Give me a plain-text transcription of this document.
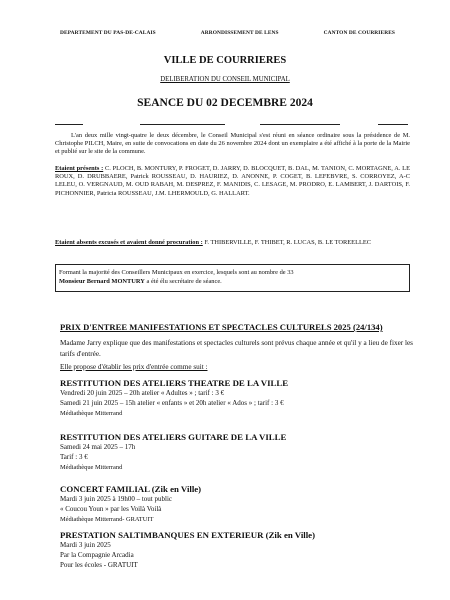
DEPARTEMENT DU PAS-DE-CALAIS	ARRONDISSEMENT DE LENS	CANTON DE COURRIERES
VILLE DE COURRIERES
DELIBERATION DU CONSEIL MUNICIPAL
SEANCE DU 02 DECEMBRE 2024

L'an deux mille vingt-quatre le deux décembre, le Conseil Municipal s'est réuni en séance ordinaire sous la présidence de M. Christophe PILCH, Maire, en suite de convocations en date du 26 novembre 2024 dont un exemplaire a été affiché à la porte de la Mairie et publié sur le site de la commune.

Etaient présents : C. PLOCH, B. MONTURY, P. FROGET, D. JARRY, D. BLOCQUET, B. DAL, M. TANION, C. MORTAGNE, A. LE ROUX, D. DRUBBAERE, Patrick ROUSSEAU, D. HAURIEZ, D. ANONNE, P. COGET, B. LEFEBVRE, S. CORROYEZ, A-C LELEU, O. VERGNAUD, M. OUD RABAH, M. DESPREZ, F. MANIDIS, C. LESAGE, M. PRODRO, E. LAMBERT, J. DARTOIS, F. PICHONNIER, Patricia ROUSSEAU, J.M. LHERMOULD, G. HALLART.

Etaient absents excusés et avaient donné procuration : F. THIBERVILLE, F. THIBET, R. LUCAS, B. LE TOREELLEC

Formant la majorité des Conseillers Municipaux en exercice, lesquels sont au nombre de 33
Monsieur Bernard MONTURY a été élu secrétaire de séance.
PRIX D'ENTREE MANIFESTATIONS ET SPECTACLES CULTURELS 2025 (24/134)

Madame Jarry explique que des manifestations et spectacles culturels sont prévus chaque année et qu'il y a lieu de fixer les tarifs d'entrée.

Elle propose d'établir les prix d'entrée comme suit :

RESTITUTION DES ATELIERS THEATRE DE LA VILLE
Vendredi 20 juin 2025 – 20h atelier « Adultes » ; tarif : 3 €
Samedi 21 juin 2025 – 15h atelier « enfants » et 20h atelier « Ados » ; tarif : 3 €
Médiathèque Mitterrand
RESTITUTION DES ATELIERS GUITARE DE LA VILLE
Samedi 24 mai 2025 – 17h
Tarif : 3 €
Médiathèque Mitterrand
CONCERT FAMILIAL (Zik en Ville)
Mardi 3 juin 2025 à 19h00 – tout public
« Coucou Youn » par les Voilà Voilà
Médiathèque Mitterrand- GRATUIT
PRESTATION SALTIMBANQUES EN EXTERIEUR (Zik en Ville)
Mardi 3 juin 2025
Par la Compagnie Arcadia
Pour les écoles - GRATUIT
